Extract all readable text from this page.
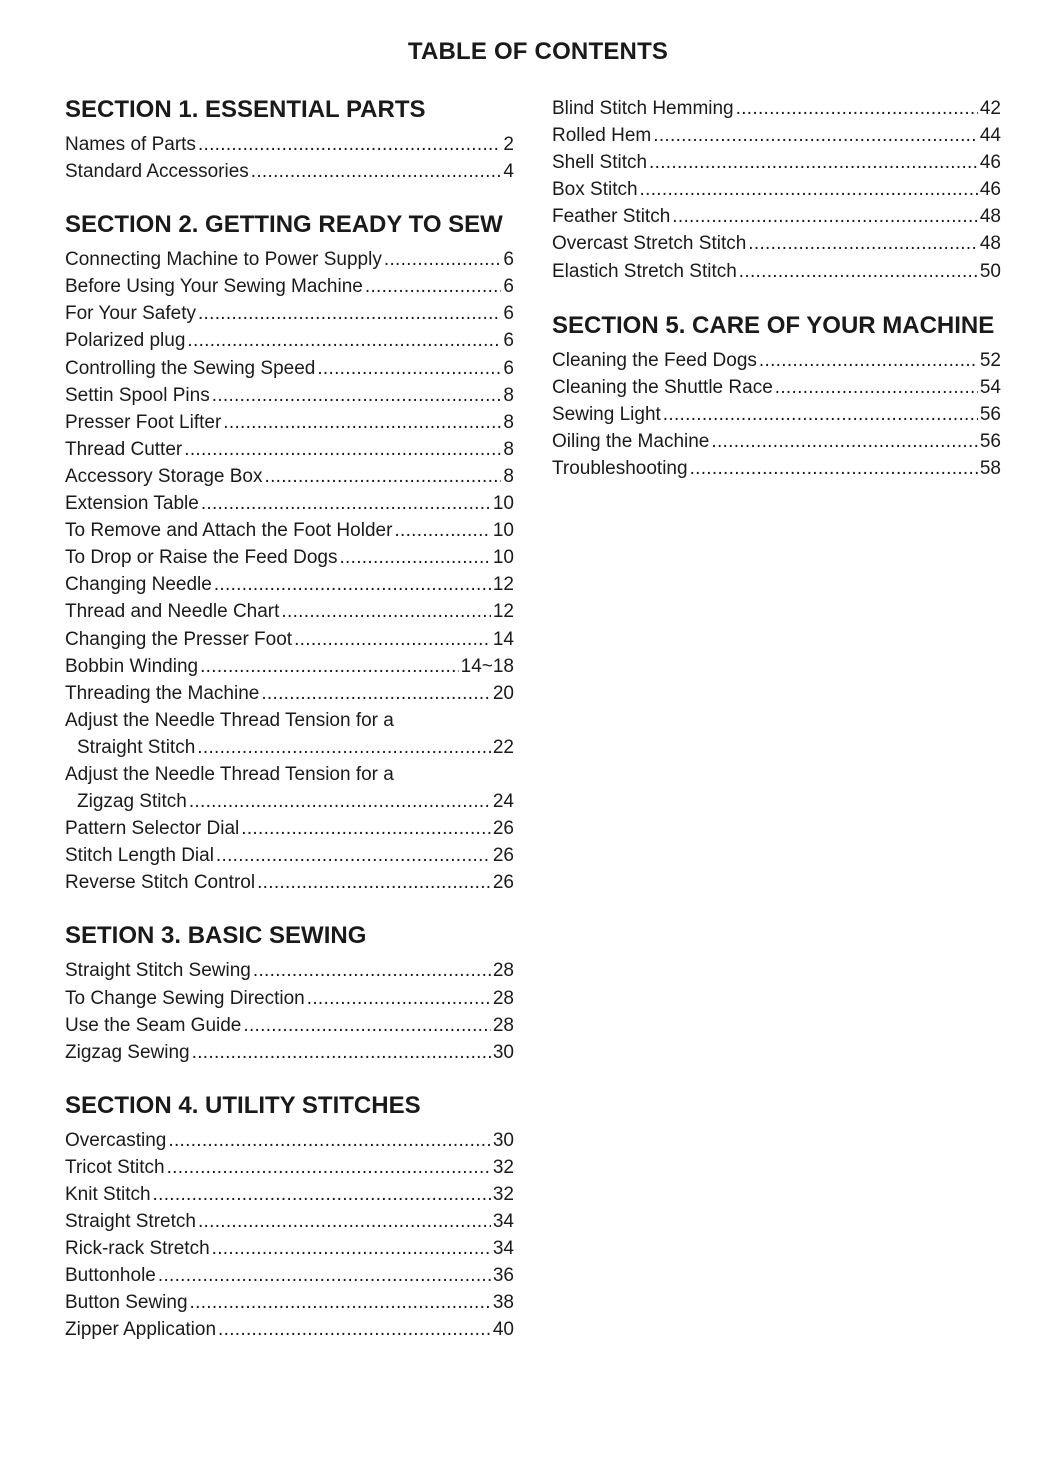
TABLE OF CONTENTS
SECTION 1. ESSENTIAL PARTS
Names of Parts .....	2
Standard Accessories .....	4
SECTION 2. GETTING READY TO SEW
Connecting Machine to Power Supply .....	6
Before Using Your Sewing Machine .....	6
For Your Safety .....	6
Polarized plug .....	6
Controlling the Sewing Speed .....	6
Settin Spool Pins .....	8
Presser Foot Lifter .....	8
Thread Cutter .....	8
Accessory Storage Box .....	8
Extension Table .....	10
To Remove and Attach the Foot Holder .....	10
To Drop or Raise the Feed Dogs .....	10
Changing Needle .....	12
Thread and Needle Chart .....	12
Changing the Presser Foot .....	14
Bobbin Winding .....	14~18
Threading the Machine .....	20
Adjust the Needle Thread Tension for a
Straight Stitch .....	22
Adjust the Needle Thread Tension for a
Zigzag Stitch .....	24
Pattern Selector Dial .....	26
Stitch Length Dial .....	26
Reverse Stitch Control .....	26
SETION 3. BASIC SEWING
Straight Stitch Sewing .....	28
To Change Sewing Direction .....	28
Use the Seam Guide .....	28
Zigzag Sewing .....	30
SECTION 4. UTILITY STITCHES
Overcasting .....	30
Tricot Stitch .....	32
Knit Stitch .....	32
Straight Stretch .....	34
Rick-rack Stretch .....	34
Buttonhole .....	36
Button Sewing .....	38
Zipper Application .....	40
Blind Stitch Hemming .....	42
Rolled Hem .....	44
Shell Stitch .....	46
Box Stitch .....	46
Feather Stitch .....	48
Overcast Stretch Stitch .....	48
Elastich Stretch Stitch .....	50
SECTION 5. CARE OF YOUR MACHINE
Cleaning the Feed Dogs .....	52
Cleaning the Shuttle Race .....	54
Sewing Light .....	56
Oiling the Machine .....	56
Troubleshooting .....	58
